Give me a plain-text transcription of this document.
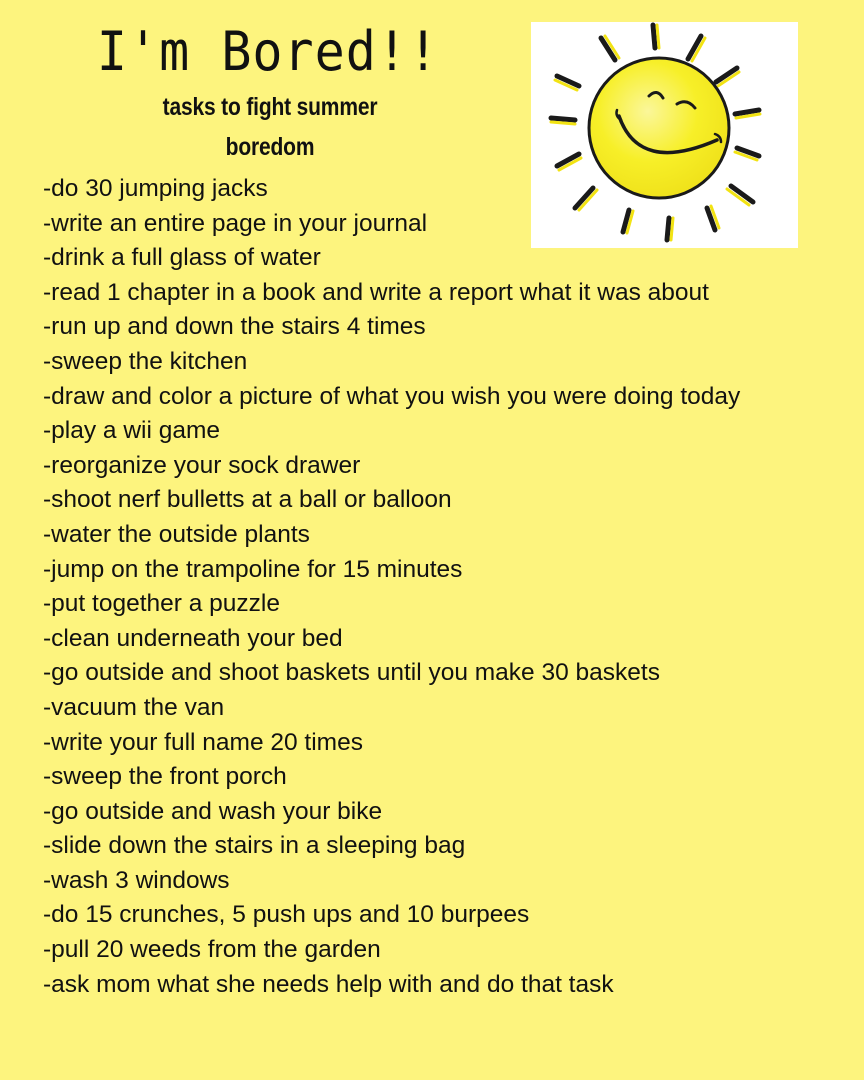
I'm Bored!!
tasks to fight summer boredom
-do 30 jumping jacks
-write an entire page in your journal
-drink a full glass of water
-read 1 chapter in a book and write a report what it was about
-run up and down the stairs 4 times
-sweep the kitchen
-draw and color a picture of what you wish you were doing today
-play a wii game
-reorganize your sock drawer
-shoot nerf bulletts at a ball or balloon
-water the outside plants
-jump on the trampoline for 15 minutes
-put together a puzzle
-clean underneath your bed
-go outside and shoot baskets until you make 30 baskets
-vacuum the van
-write your full name 20 times
-sweep the front porch
-go outside and wash your bike
-slide down the stairs in a sleeping bag
-wash 3 windows
-do 15 crunches, 5 push ups and 10 burpees
-pull 20 weeds from the garden
-ask mom what she needs help with and do that task
